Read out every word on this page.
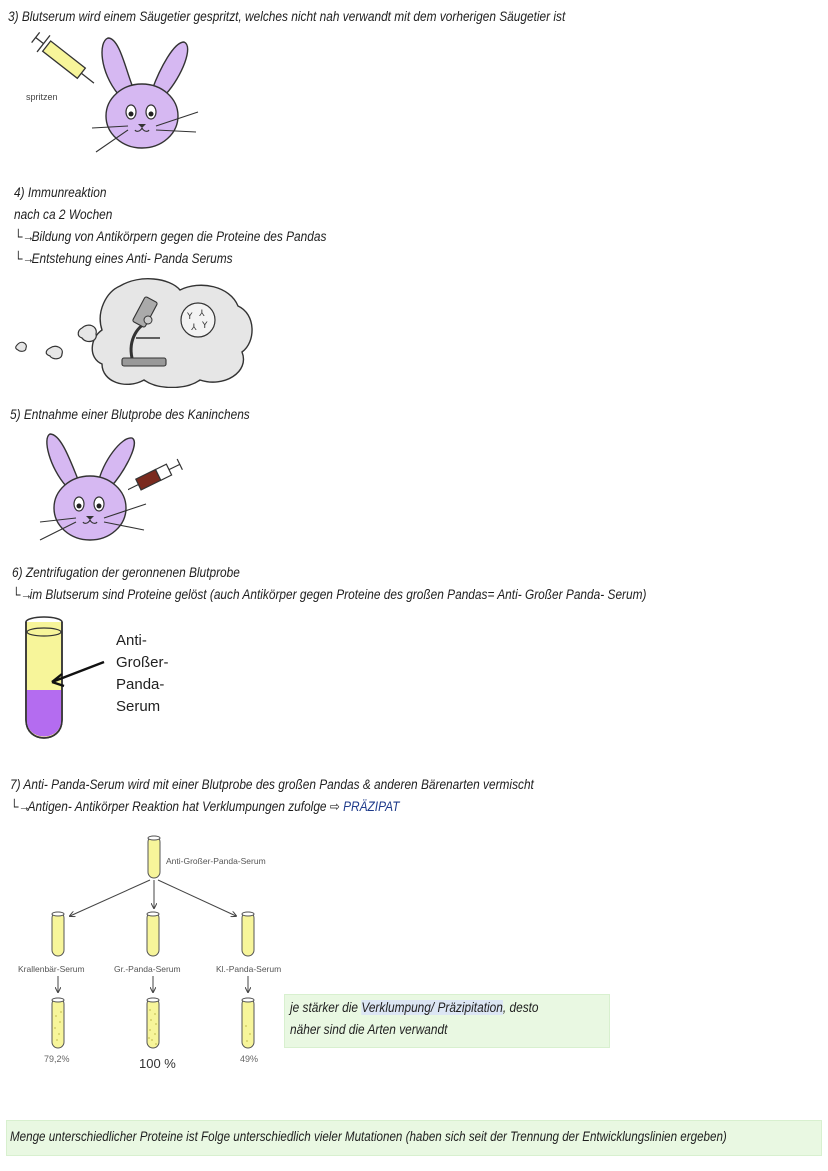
3) Blutserum wird einem Säugetier gespritzt, welches nicht nah verwandt mit dem vorherigen Säugetier ist
spritzen
4) Immunreaktion
nach ca 2 Wochen
└→Bildung von Antikörpern gegen die Proteine des Pandas
└→Entstehung eines Anti- Panda Serums
Y ⅄
⅄ Y
5) Entnahme einer Blutprobe des Kaninchens
6) Zentrifugation der geronnenen Blutprobe
└→im Blutserum sind Proteine gelöst (auch Antikörper gegen Proteine des großen Pandas= Anti- Großer Panda- Serum)
Anti-
Großer-
Panda-
Serum
7) Anti- Panda-Serum wird mit einer Blutprobe des großen Pandas & anderen Bärenarten vermischt
└→Antigen- Antikörper Reaktion hat Verklumpungen zufolge ⇨ PRÄZIPAT
Anti-Großer-Panda-Serum
Krallenbär-Serum	Gr.-Panda-Serum	Kl.-Panda-Serum
79,2%	100 %	49%
je stärker die Verklumpung/ Präzipitation, desto
näher sind die Arten verwandt
Menge unterschiedlicher Proteine ist Folge unterschiedlich vieler Mutationen (haben sich seit der Trennung der Entwicklungslinien ergeben)
